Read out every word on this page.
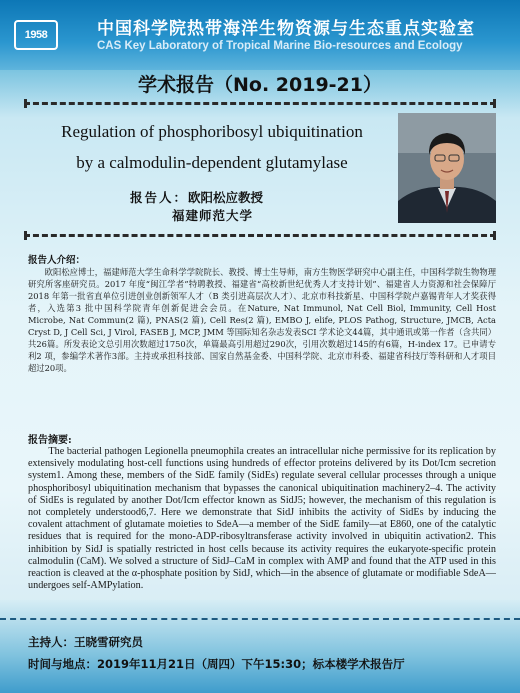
1958	中国科学院热带海洋生物资源与生态重点实验室
CAS Key Laboratory of Tropical Marine Bio-resources and Ecology
学术报告（No. 2019-21）
Regulation of phosphoribosyl ubiquitination
by a calmodulin-dependent glutamylase
报告人：欧阳松应教授
福建师范大学
报告人介绍：

欧阳松应博士，福建师范大学生命科学学院院长、教授、博士生导师，南方生物医学研究中心副主任，中国科学院生物物理研究所客座研究员。2017 年度“闽江学者”特聘教授、福建省“高校新世纪优秀人才支持计划”、福建省人力资源和社会保障厅2018 年第一批省直单位引进创业创新领军人才（B 类引进高层次人才）、北京市科技新星、中国科学院卢嘉锡青年人才奖获得者，入选第3 批中国科学院青年创新促进会会员。在Nature, Nat Immunol, Nat Cell Biol, Immunity, Cell Host Microbe, Nat Commun(2 篇), PNAS(2 篇), Cell Res(2 篇), EMBO J, elife, PLOS Pathog, Structure, JMCB, Acta Cryst D, J Cell Sci, J Virol, FASEB J, MCP, JMM 等国际知名杂志发表SCI 学术论文44篇，其中通讯或第一作者（含共同）共26篇。所发表论文总引用次数超过1750次，单篇最高引用超过290次，引用次数超过145的有6篇，H-index 17。已申请专利2 项，参编学术著作3部。主持或承担科技部、国家自然基金委、中国科学院、北京市科委、福建省科技厅等科研和人才项目超过20项。

报告摘要:

The bacterial pathogen Legionella pneumophila creates an intracellular niche permissive for its replication by extensively modulating host-cell functions using hundreds of effector proteins delivered by its Dot/Icm secretion system1. Among these, members of the SidE family (SidEs) regulate several cellular processes through a unique phosphoribosyl ubiquitination mechanism that bypasses the canonical ubiquitination machinery2–4. The activity of SidEs is regulated by another Dot/Icm effector known as SidJ5; however, the mechanism of this regulation is not completely understood6,7. Here we demonstrate that SidJ inhibits the activity of SidEs by inducing the covalent attachment of glutamate moieties to SdeA—a member of the SidE family—at E860, one of the catalytic residues that is required for the mono-ADP-ribosyltransferase activity involved in ubiquitin activation2. This inhibition by SidJ is spatially restricted in host cells because its activity requires the eukaryote-specific protein calmodulin (CaM). We solved a structure of SidJ–CaM in complex with AMP and found that the ATP used in this reaction is cleaved at the α-phosphate position by SidJ, which—in the absence of glutamate or modifiable SdeA—undergoes self-AMPylation.

主持人：王晓雪研究员
时间与地点：2019年11月21日（周四）下午15:30；标本楼学术报告厅
